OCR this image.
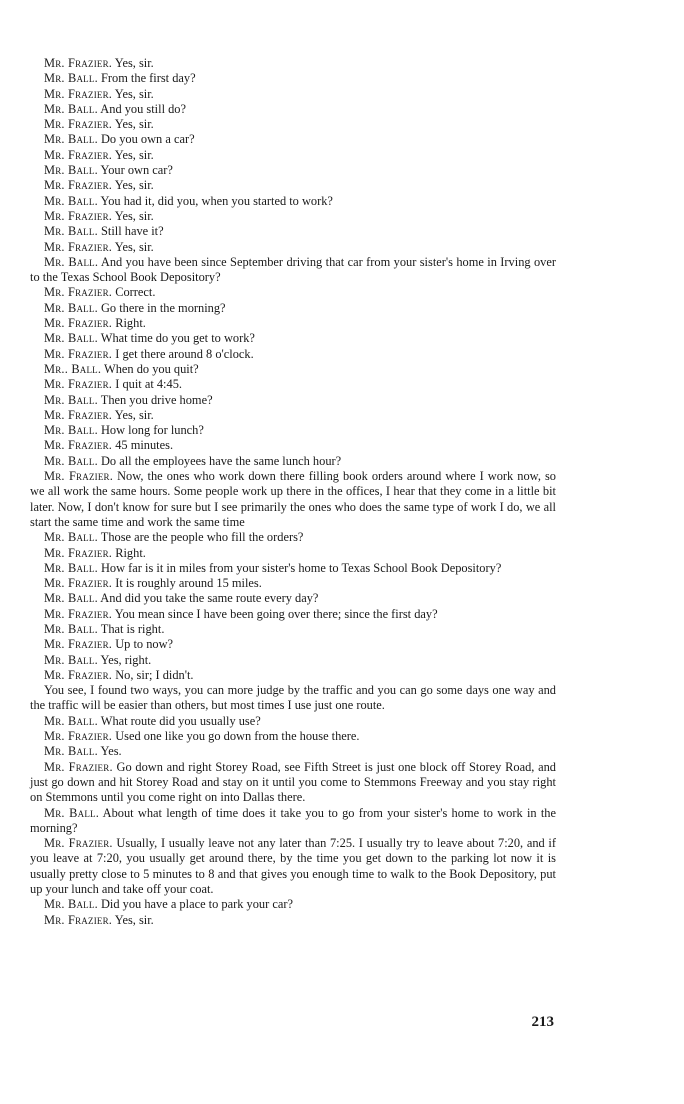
Mr. Frazier. Yes, sir.

Mr. Ball. From the first day?

Mr. Frazier. Yes, sir.

Mr. Ball. And you still do?

Mr. Frazier. Yes, sir.

Mr. Ball. Do you own a car?

Mr. Frazier. Yes, sir.

Mr. Ball. Your own car?

Mr. Frazier. Yes, sir.

Mr. Ball. You had it, did you, when you started to work?

Mr. Frazier. Yes, sir.

Mr. Ball. Still have it?

Mr. Frazier. Yes, sir.

Mr. Ball. And you have been since September driving that car from your sister's home in Irving over to the Texas School Book Depository?

Mr. Frazier. Correct.

Mr. Ball. Go there in the morning?

Mr. Frazier. Right.

Mr. Ball. What time do you get to work?

Mr. Frazier. I get there around 8 o'clock.

Mr.. Ball. When do you quit?

Mr. Frazier. I quit at 4:45.

Mr. Ball. Then you drive home?

Mr. Frazier. Yes, sir.

Mr. Ball. How long for lunch?

Mr. Frazier. 45 minutes.

Mr. Ball. Do all the employees have the same lunch hour?

Mr. Frazier. Now, the ones who work down there filling book orders around where I work now, so we all work the same hours. Some people work up there in the offices, I hear that they come in a little bit later. Now, I don't know for sure but I see primarily the ones who does the same type of work I do, we all start the same time and work the same time

Mr. Ball. Those are the people who fill the orders?

Mr. Frazier. Right.

Mr. Ball. How far is it in miles from your sister's home to Texas School Book Depository?

Mr. Frazier. It is roughly around 15 miles.

Mr. Ball. And did you take the same route every day?

Mr. Frazier. You mean since I have been going over there; since the first day?

Mr. Ball. That is right.

Mr. Frazier. Up to now?

Mr. Ball. Yes, right.

Mr. Frazier. No, sir; I didn't.

You see, I found two ways, you can more judge by the traffic and you can go some days one way and the traffic will be easier than others, but most times I use just one route.

Mr. Ball. What route did you usually use?

Mr. Frazier. Used one like you go down from the house there.

Mr. Ball. Yes.

Mr. Frazier. Go down and right Storey Road, see Fifth Street is just one block off Storey Road, and just go down and hit Storey Road and stay on it until you come to Stemmons Freeway and you stay right on Stemmons until you come right on into Dallas there.

Mr. Ball. About what length of time does it take you to go from your sister's home to work in the morning?

Mr. Frazier. Usually, I usually leave not any later than 7:25. I usually try to leave about 7:20, and if you leave at 7:20, you usually get around there, by the time you get down to the parking lot now it is usually pretty close to 5 minutes to 8 and that gives you enough time to walk to the Book Depository, put up your lunch and take off your coat.

Mr. Ball. Did you have a place to park your car?

Mr. Frazier. Yes, sir.

213
